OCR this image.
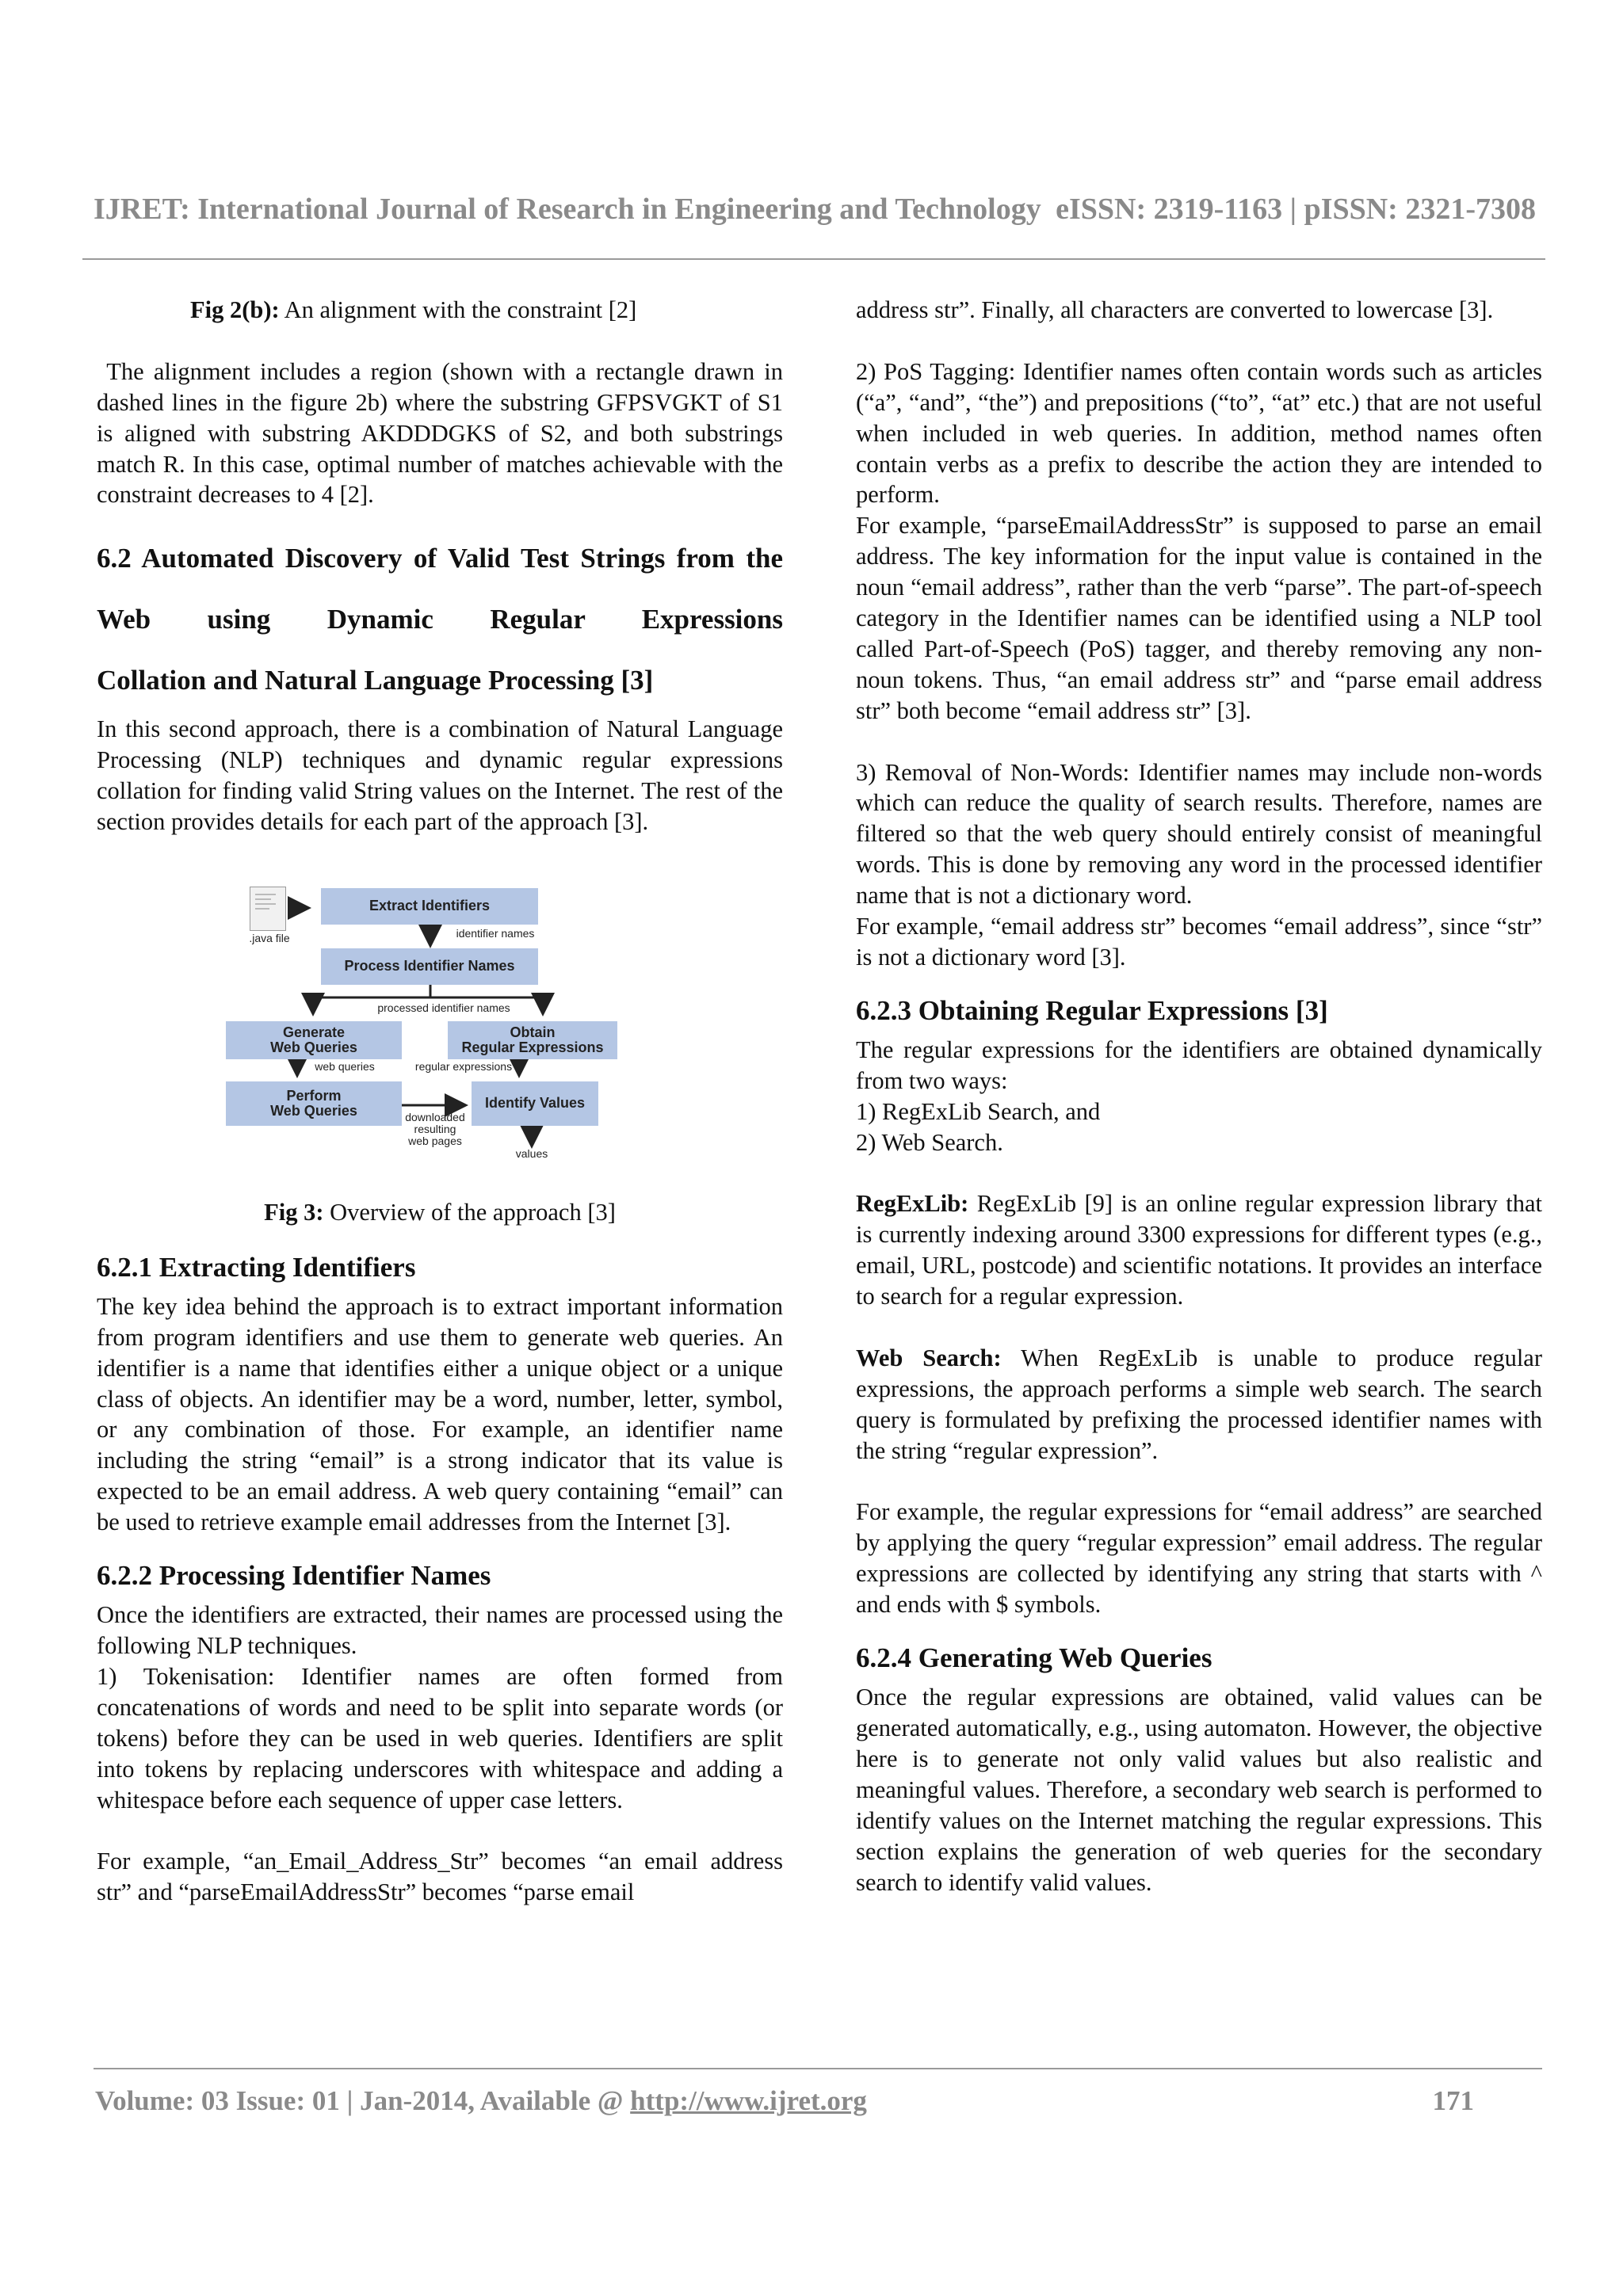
IJRET: International Journal of Research in Engineering and Technology eISSN: 2319-1163 | pISSN: 2321-7308

Fig 2(b): An alignment with the constraint [2]

The alignment includes a region (shown with a rectangle drawn in dashed lines in the figure 2b) where the substring GFPSVGKT of S1 is aligned with substring AKDDDGKS of S2, and both substrings match R. In this case, optimal number of matches achievable with the constraint decreases to 4 [2].

6.2 Automated Discovery of Valid Test Strings from the Web using Dynamic Regular Expressions
Collation and Natural Language Processing [3]

In this second approach, there is a combination of Natural Language Processing (NLP) techniques and dynamic regular expressions collation for finding valid String values on the Internet. The rest of the section provides details for each part of the approach [3].

.java file
Extract Identifiers
identifier names
Process Identifier Names
processed identifier names
Generate
Web Queries
Obtain
Regular Expressions
web queries	regular expressions
Perform
Web Queries	Identify Values
downloaded
resulting
web pages
values

Fig 3: Overview of the approach [3]

6.2.1 Extracting Identifiers

The key idea behind the approach is to extract important information from program identifiers and use them to generate web queries. An identifier is a name that identifies either a unique object or a unique class of objects. An identifier may be a word, number, letter, symbol, or any combination of those. For example, an identifier name including the string “email” is a strong indicator that its value is expected to be an email address. A web query containing “email” can be used to retrieve example email addresses from the Internet [3].

6.2.2 Processing Identifier Names

Once the identifiers are extracted, their names are processed using the following NLP techniques.

1) Tokenisation: Identifier names are often formed from concatenations of words and need to be split into separate words (or tokens) before they can be used in web queries. Identifiers are split into tokens by replacing underscores with whitespace and adding a whitespace before each sequence of upper case letters.

For example, “an_Email_Address_Str” becomes “an email address str” and “parseEmailAddressStr” becomes “parse email

address str”. Finally, all characters are converted to lowercase [3].

2) PoS Tagging: Identifier names often contain words such as articles (“a”, “and”, “the”) and prepositions (“to”, “at” etc.) that are not useful when included in web queries. In addition, method names often contain verbs as a prefix to describe the action they are intended to perform.

For example, “parseEmailAddressStr” is supposed to parse an email address. The key information for the input value is contained in the noun “email address”, rather than the verb “parse”. The part-of-speech category in the Identifier names can be identified using a NLP tool called Part-of-Speech (PoS) tagger, and thereby removing any non-noun tokens. Thus, “an email address str” and “parse email address str” both become “email address str” [3].

3) Removal of Non-Words: Identifier names may include non-words which can reduce the quality of search results. Therefore, names are filtered so that the web query should entirely consist of meaningful words. This is done by removing any word in the processed identifier name that is not a dictionary word.

For example, “email address str” becomes “email address”, since “str” is not a dictionary word [3].

6.2.3 Obtaining Regular Expressions [3]

The regular expressions for the identifiers are obtained dynamically from two ways:

1) RegExLib Search, and

2) Web Search.

RegExLib: RegExLib [9] is an online regular expression library that is currently indexing around 3300 expressions for different types (e.g., email, URL, postcode) and scientific notations. It provides an interface to search for a regular expression.

Web Search: When RegExLib is unable to produce regular expressions, the approach performs a simple web search. The search query is formulated by prefixing the processed identifier names with the string “regular expression”.

For example, the regular expressions for “email address” are searched by applying the query “regular expression” email address. The regular expressions are collected by identifying any string that starts with ^ and ends with $ symbols.

6.2.4 Generating Web Queries

Once the regular expressions are obtained, valid values can be generated automatically, e.g., using automaton. However, the objective here is to generate not only valid values but also realistic and meaningful values. Therefore, a secondary web search is performed to identify values on the Internet matching the regular expressions. This section explains the generation of web queries for the secondary search to identify valid values.

Volume: 03 Issue: 01 | Jan-2014, Available @ http://www.ijret.org	171
